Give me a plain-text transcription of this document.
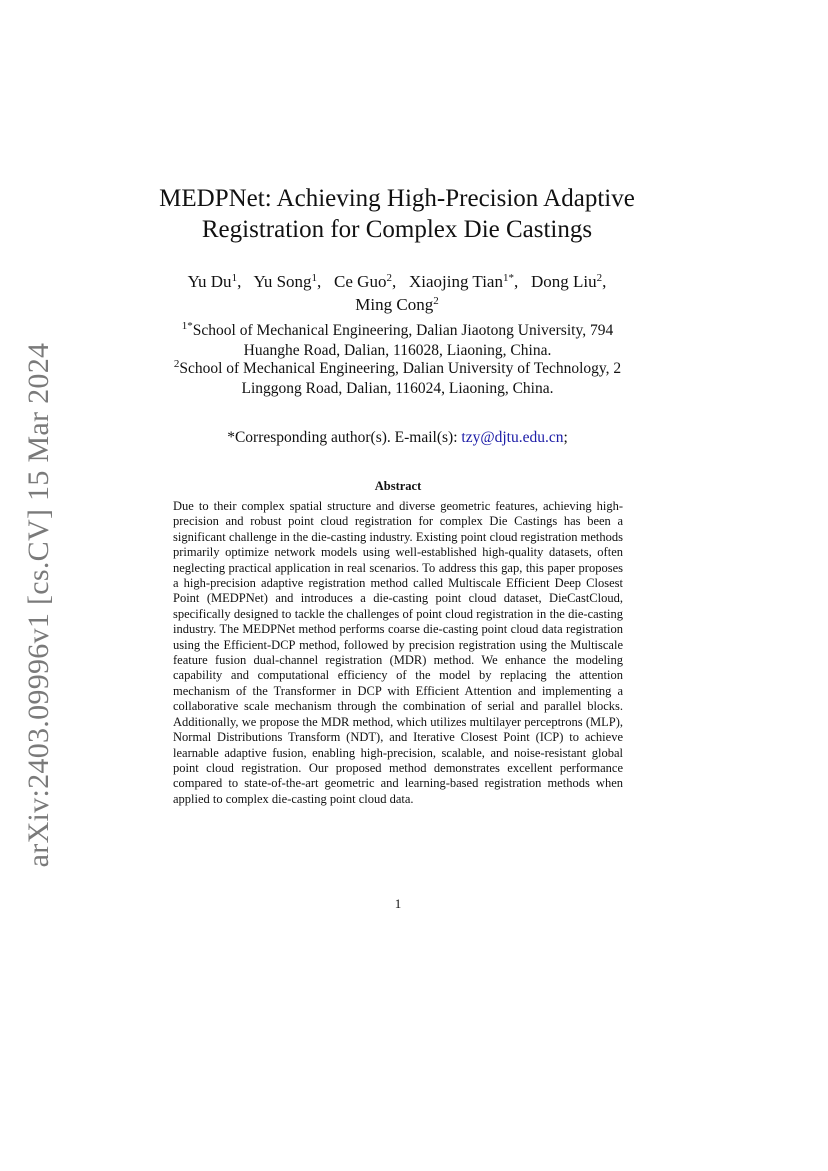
arXiv:2403.09996v1 [cs.CV] 15 Mar 2024
MEDPNet: Achieving High-Precision Adaptive
Registration for Complex Die Castings
Yu Du$^1$,   Yu Song$^1$,   Ce Guo$^2$,   Xiaojing Tian$^{1*}$,   Dong Liu$^2$,
Ming Cong$^2$
$^{1*}$School of Mechanical Engineering, Dalian Jiaotong University, 794
Huanghe Road, Dalian, 116028, Liaoning, China.
$^2$School of Mechanical Engineering, Dalian University of Technology, 2
Linggong Road, Dalian, 116024, Liaoning, China.
*Corresponding author(s). E-mail(s): tzy@djtu.edu.cn;
Abstract
Due to their complex spatial structure and diverse geometric features, achieving high-precision and robust point cloud registration for complex Die Castings has been a significant challenge in the die-casting industry. Existing point cloud registration methods primarily optimize network models using well-established high-quality datasets, often neglecting practical application in real scenarios. To address this gap, this paper proposes a high-precision adaptive registration method called Multiscale Efficient Deep Closest Point (MEDPNet) and introduces a die-casting point cloud dataset, DieCastCloud, specifically designed to tackle the challenges of point cloud registration in the die-casting industry. The MEDPNet method performs coarse die-casting point cloud data registration using the Efficient-DCP method, followed by precision registration using the Multiscale feature fusion dual-channel registration (MDR) method. We enhance the modeling capability and computational efficiency of the model by replacing the attention mechanism of the Transformer in DCP with Efficient Attention and implementing a collaborative scale mechanism through the combination of serial and parallel blocks. Additionally, we propose the MDR method, which utilizes multilayer perceptrons (MLP), Normal Distributions Transform (NDT), and Iterative Closest Point (ICP) to achieve learnable adaptive fusion, enabling high-precision, scalable, and noise-resistant global point cloud registration. Our proposed method demonstrates excellent performance compared to state-of-the-art geometric and learning-based registration methods when applied to complex die-casting point cloud data.
1
